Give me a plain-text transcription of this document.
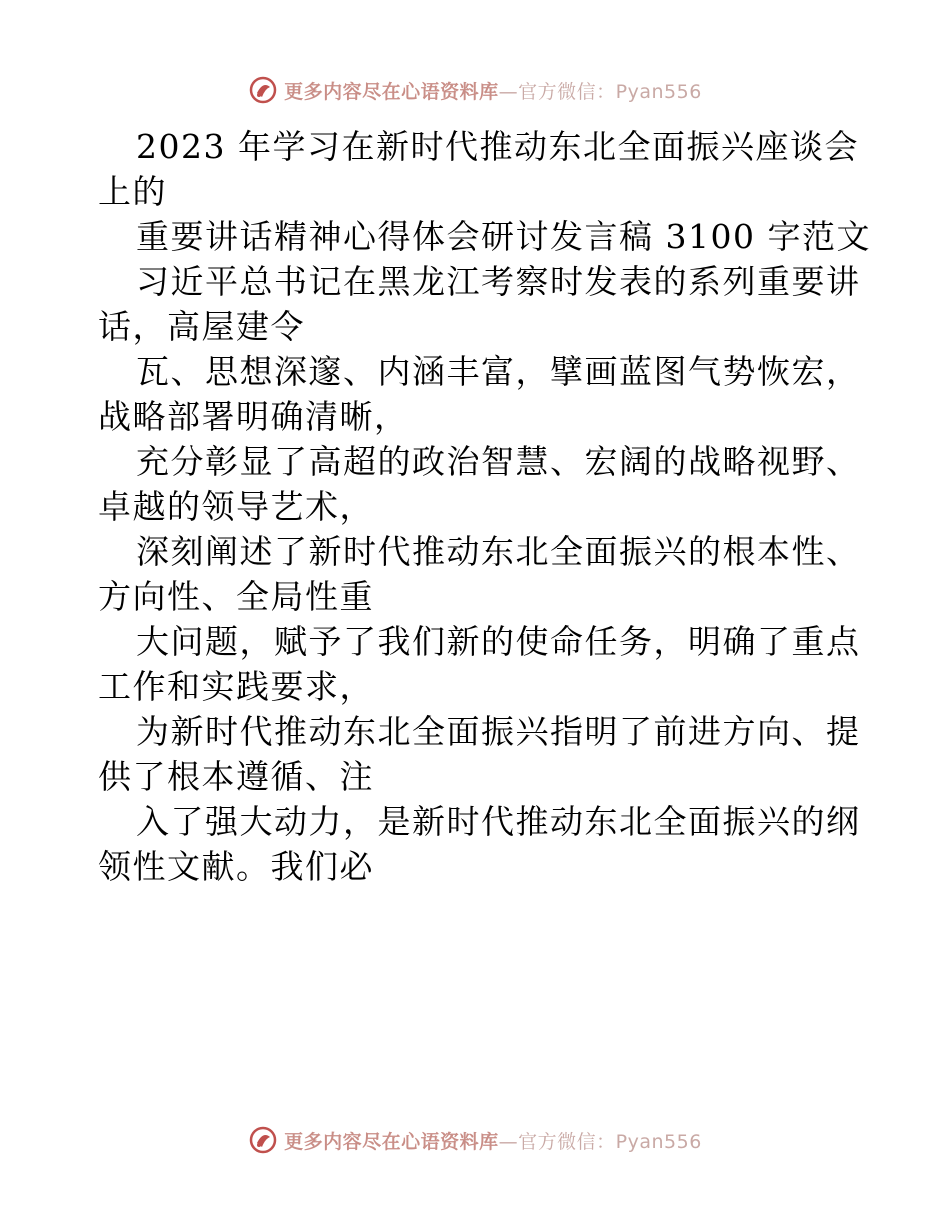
更多内容尽在心语资料库—官方微信：Pyan556
2023 年学习在新时代推动东北全面振兴座谈会
上的
重要讲话精神心得体会研讨发言稿 3100 字范文
习近平总书记在黑龙江考察时发表的系列重要讲
话，高屋建令
瓦、思想深邃、内涵丰富，擘画蓝图气势恢宏，
战略部署明确清晰，
充分彰显了高超的政治智慧、宏阔的战略视野、
卓越的领导艺术，
深刻阐述了新时代推动东北全面振兴的根本性、
方向性、全局性重
大问题，赋予了我们新的使命任务，明确了重点
工作和实践要求，
为新时代推动东北全面振兴指明了前进方向、提
供了根本遵循、注
入了强大动力，是新时代推动东北全面振兴的纲
领性文献。我们必
更多内容尽在心语资料库—官方微信：Pyan556
